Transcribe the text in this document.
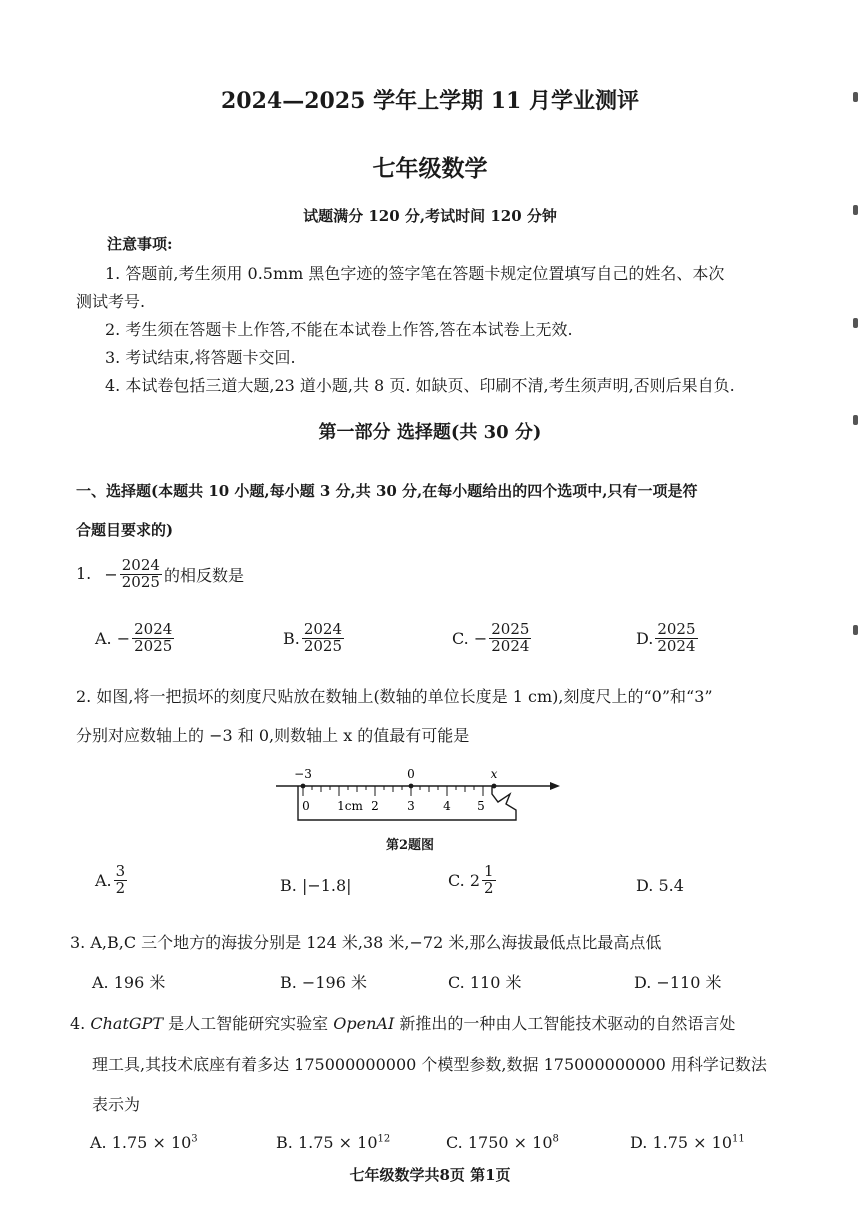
2024—2025 学年上学期 11 月学业测评
七年级数学
试题满分 120 分,考试时间 120 分钟
注意事项:
1. 答题前,考生须用 0.5mm 黑色字迹的签字笔在答题卡规定位置填写自己的姓名、本次
测试考号.
2. 考生须在答题卡上作答,不能在本试卷上作答,答在本试卷上无效.
3. 考试结束,将答题卡交回.
4. 本试卷包括三道大题,23 道小题,共 8 页. 如缺页、印刷不清,考生须声明,否则后果自负.
第一部分 选择题(共 30 分)
一、选择题(本题共 10 小题,每小题 3 分,共 30 分,在每小题给出的四个选项中,只有一项是符
合题目要求的)
1. − $\frac{2024}{2025}$ 的相反数是
A. − $\frac{2024}{2025}$	B. $\frac{2024}{2025}$	C. − $\frac{2025}{2024}$	D. $\frac{2025}{2024}$
2. 如图,将一把损坏的刻度尺贴放在数轴上(数轴的单位长度是 1 cm),刻度尺上的“0”和“3”
分别对应数轴上的 −3 和 0,则数轴上 x 的值最有可能是
−3	0	x
0 1cm 2 3 4 5
第2题图
A. $\frac{3}{2}$	B. |−1.8|	C. $2 \frac{1}{2}$	D. 5.4
3. A,B,C 三个地方的海拔分别是 124 米,38 米,−72 米,那么海拔最低点比最高点低
A. 196 米	B. −196 米	C. 110 米	D. −110 米
4. ChatGPT 是人工智能研究实验室 OpenAI 新推出的一种由人工智能技术驱动的自然语言处
理工具,其技术底座有着多达 175000000000 个模型参数,数据 175000000000 用科学记数法
表示为
A. $1.75 \times 10^3$	B. $1.75 \times 10^{12}$	C. $1750 \times 10^8$	D. $1.75 \times 10^{11}$
七年级数学共8页 第1页
